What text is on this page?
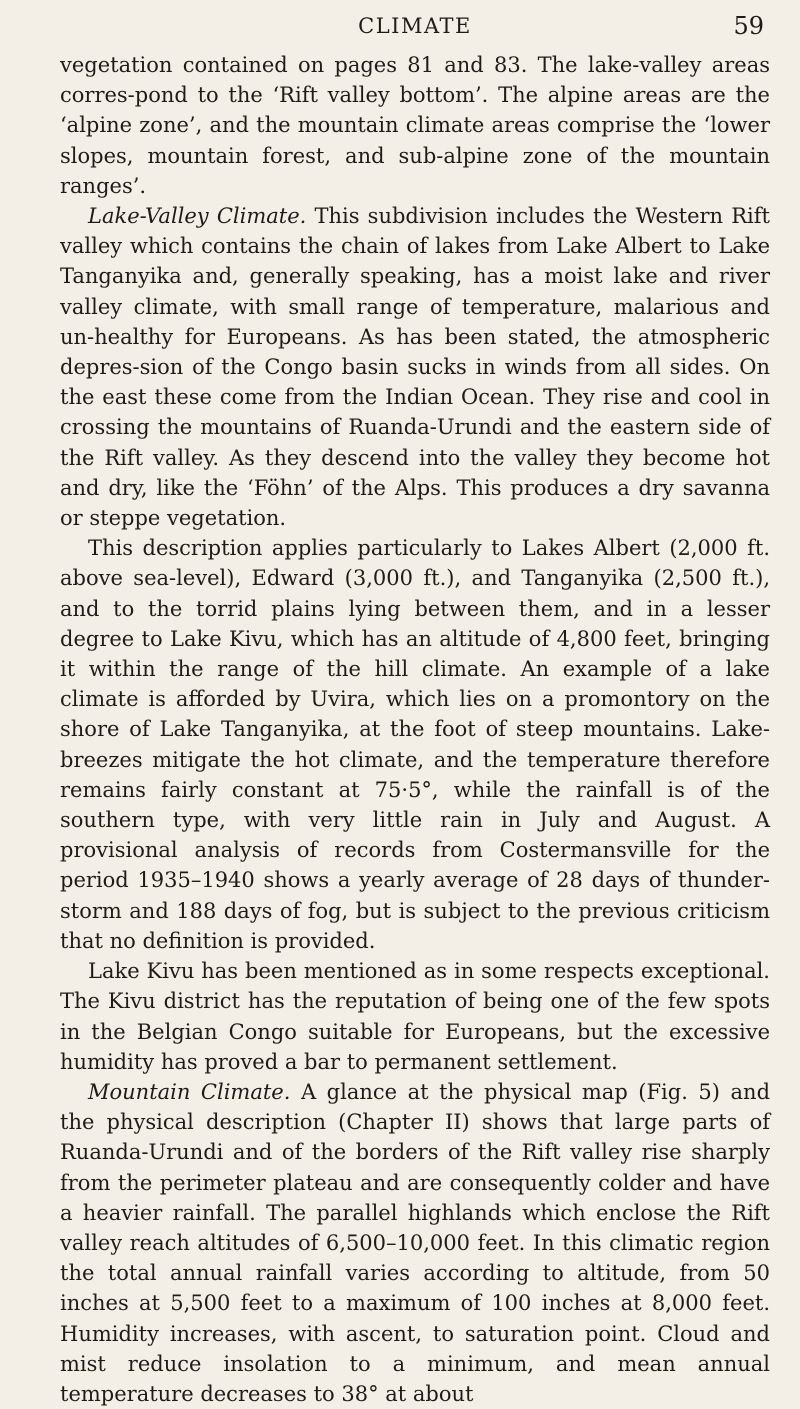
CLIMATE	59

vegetation contained on pages 81 and 83. The lake-valley areas corres-pond to the ‘Rift valley bottom’. The alpine areas are the ‘alpine zone’, and the mountain climate areas comprise the ‘lower slopes, mountain forest, and sub-alpine zone of the mountain ranges’.

Lake-Valley Climate. This subdivision includes the Western Rift valley which contains the chain of lakes from Lake Albert to Lake Tanganyika and, generally speaking, has a moist lake and river valley climate, with small range of temperature, malarious and un-healthy for Europeans. As has been stated, the atmospheric depres-sion of the Congo basin sucks in winds from all sides. On the east these come from the Indian Ocean. They rise and cool in crossing the mountains of Ruanda-Urundi and the eastern side of the Rift valley. As they descend into the valley they become hot and dry, like the ‘Föhn’ of the Alps. This produces a dry savanna or steppe vegetation.

This description applies particularly to Lakes Albert (2,000 ft. above sea-level), Edward (3,000 ft.), and Tanganyika (2,500 ft.), and to the torrid plains lying between them, and in a lesser degree to Lake Kivu, which has an altitude of 4,800 feet, bringing it within the range of the hill climate. An example of a lake climate is afforded by Uvira, which lies on a promontory on the shore of Lake Tanganyika, at the foot of steep mountains. Lake-breezes mitigate the hot climate, and the temperature therefore remains fairly constant at 75·5°, while the rainfall is of the southern type, with very little rain in July and August. A provisional analysis of records from Costermansville for the period 1935–1940 shows a yearly average of 28 days of thunder-storm and 188 days of fog, but is subject to the previous criticism that no definition is provided.

Lake Kivu has been mentioned as in some respects exceptional. The Kivu district has the reputation of being one of the few spots in the Belgian Congo suitable for Europeans, but the excessive humidity has proved a bar to permanent settlement.

Mountain Climate. A glance at the physical map (Fig. 5) and the physical description (Chapter II) shows that large parts of Ruanda-Urundi and of the borders of the Rift valley rise sharply from the perimeter plateau and are consequently colder and have a heavier rainfall. The parallel highlands which enclose the Rift valley reach altitudes of 6,500–10,000 feet. In this climatic region the total annual rainfall varies according to altitude, from 50 inches at 5,500 feet to a maximum of 100 inches at 8,000 feet. Humidity increases, with ascent, to saturation point. Cloud and mist reduce insolation to a minimum, and mean annual temperature decreases to 38° at about
